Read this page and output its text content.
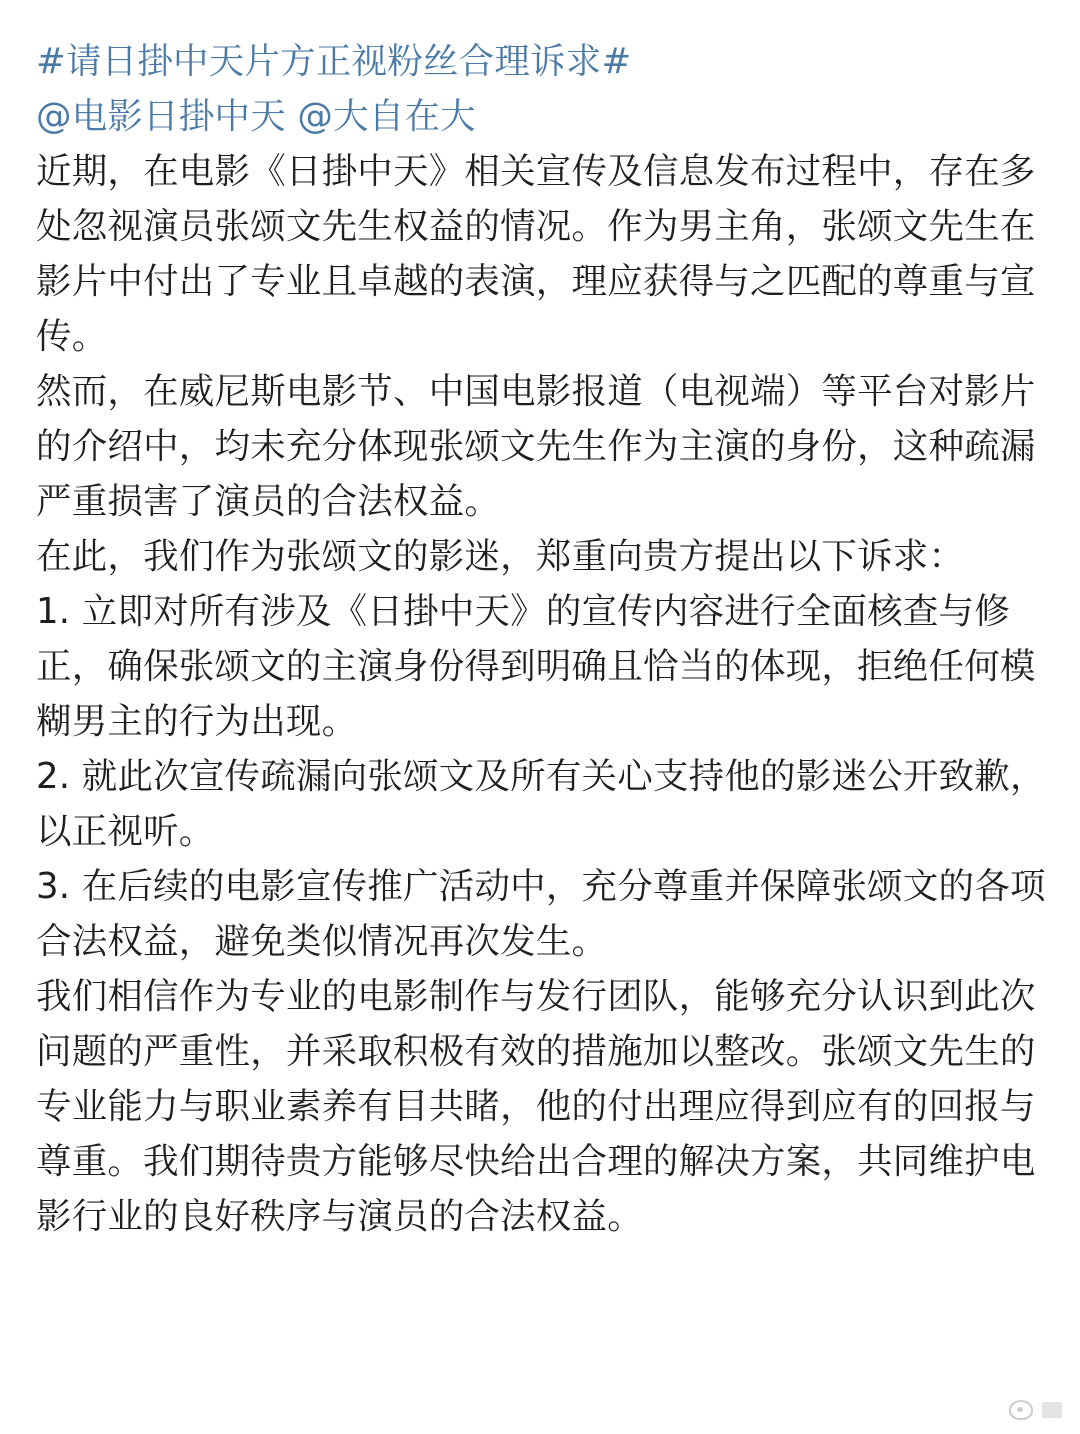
#请日掛中天片方正视粉丝合理诉求#

@电影日掛中天 @大自在大

近期，在电影《日掛中天》相关宣传及信息发布过程中，存在多处忽视演员张颂文先生权益的情况。作为男主角，张颂文先生在影片中付出了专业且卓越的表演，理应获得与之匹配的尊重与宣传。

然而，在威尼斯电影节、中国电影报道（电视端）等平台对影片的介绍中，均未充分体现张颂文先生作为主演的身份，这种疏漏严重损害了演员的合法权益。

在此，我们作为张颂文的影迷，郑重向贵方提出以下诉求：

1. 立即对所有涉及《日掛中天》的宣传内容进行全面核查与修正，确保张颂文的主演身份得到明确且恰当的体现，拒绝任何模糊男主的行为出现。

2. 就此次宣传疏漏向张颂文及所有关心支持他的影迷公开致歉，以正视听。

3. 在后续的电影宣传推广活动中，充分尊重并保障张颂文的各项合法权益，避免类似情况再次发生。

我们相信作为专业的电影制作与发行团队，能够充分认识到此次问题的严重性，并采取积极有效的措施加以整改。张颂文先生的专业能力与职业素养有目共睹，他的付出理应得到应有的回报与尊重。我们期待贵方能够尽快给出合理的解决方案，共同维护电影行业的良好秩序与演员的合法权益。
